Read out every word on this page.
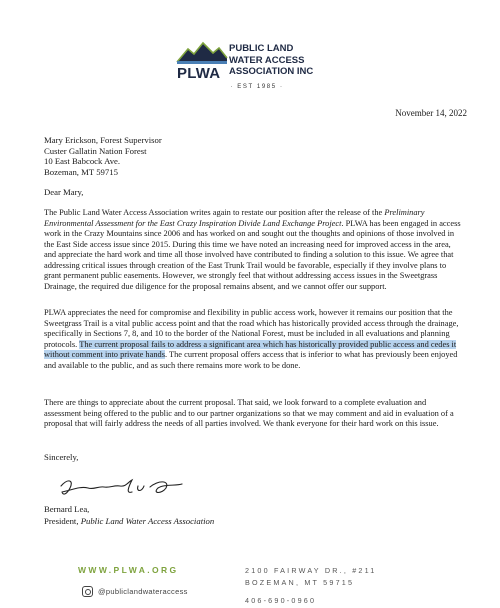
PLWA
PUBLIC LAND
WATER ACCESS
ASSOCIATION INC
· EST 1985 ·
November 14, 2022
Mary Erickson, Forest Supervisor
Custer Gallatin Nation Forest
10 East Babcock Ave.
Bozeman, MT 59715
Dear Mary,
The Public Land Water Access Association writes again to restate our position after the release of the Preliminary Environmental Assessment for the East Crazy Inspiration Divide Land Exchange Project. PLWA has been engaged in access work in the Crazy Mountains since 2006 and has worked on and sought out the thoughts and opinions of those involved in the East Side access issue since 2015. During this time we have noted an increasing need for improved access in the area, and appreciate the hard work and time all those involved have contributed to finding a solution to this issue. We agree that addressing critical issues through creation of the East Trunk Trail would be favorable, especially if they involve plans to grant permanent public easements. However, we strongly feel that without addressing access issues in the Sweetgrass Drainage, the required due diligence for the proposal remains absent, and we cannot offer our support.
PLWA appreciates the need for compromise and flexibility in public access work, however it remains our position that the Sweetgrass Trail is a vital public access point and that the road which has historically provided access through the drainage, specifically in Sections 7, 8, and 10 to the border of the National Forest, must be included in all evaluations and planning protocols. The current proposal fails to address a significant area which has historically provided public access and cedes it without comment into private hands. The current proposal offers access that is inferior to what has previously been enjoyed and available to the public, and as such there remains more work to be done.
There are things to appreciate about the current proposal. That said, we look forward to a complete evaluation and assessment being offered to the public and to our partner organizations so that we may comment and aid in evaluation of a proposal that will fairly address the needs of all parties involved. We thank everyone for their hard work on this issue.
Sincerely,
Bernard Lea,
President, Public Land Water Access Association
WWW.PLWA.ORG
@publiclandwateraccess
2100 FAIRWAY DR., #211
BOZEMAN, MT 59715
406-690-0960
